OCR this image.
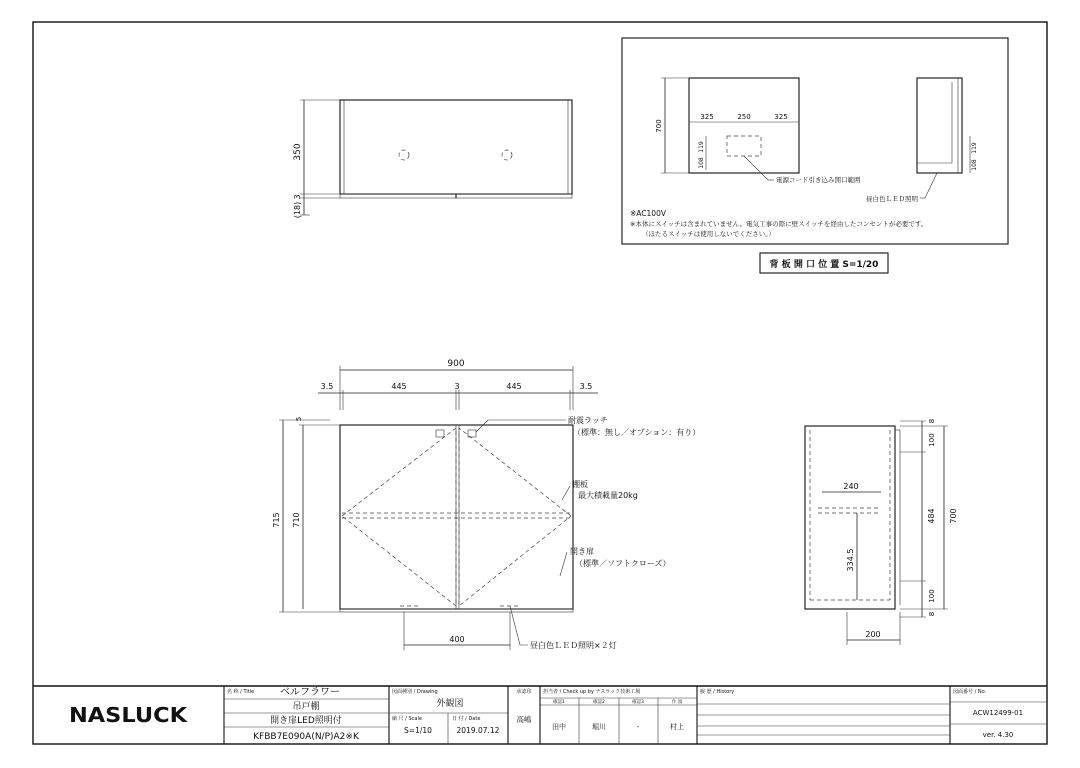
350
3
(18)
700
325	250	325
108
119
電源コード引き込み開口範囲
108
119
昼白色ＬＥＤ照明
※AC100V
※本体にスイッチは含まれていません。電気工事の際に壁スイッチを経由したコンセントが必要です。
（ほたるスイッチは使用しないでください。）
背 板 開 口 位 置 S=1/20
900
3.5	445	3	445	3.5
5
715 710
400
耐震ラッチ
（標準：無し／オプション：有り）
棚板
最大積載量20kg
開き扉
（標準／ソフトクローズ）
昼白色ＬＥＤ照明×２灯
240
334.5
8
100
484 700
100
8
200
NASLUCK
名 称 / Title	ベルフラワー
吊戸棚
開き扉LED照明付
KFBB7E090A(N/P)A2※K
図面種別 / Drawing
外観図
縮 尺 / Scale
S=1/10
日 付 / Date
2019.07.12
承認印
高嶋
担当者 / Check up by ナスラック技術工場
確認1	確認2	確認3	作 図
田中	堀川	-	村上
履 歴 / History	図面番号 / No.
ACW12499-01
ver. 4.30
